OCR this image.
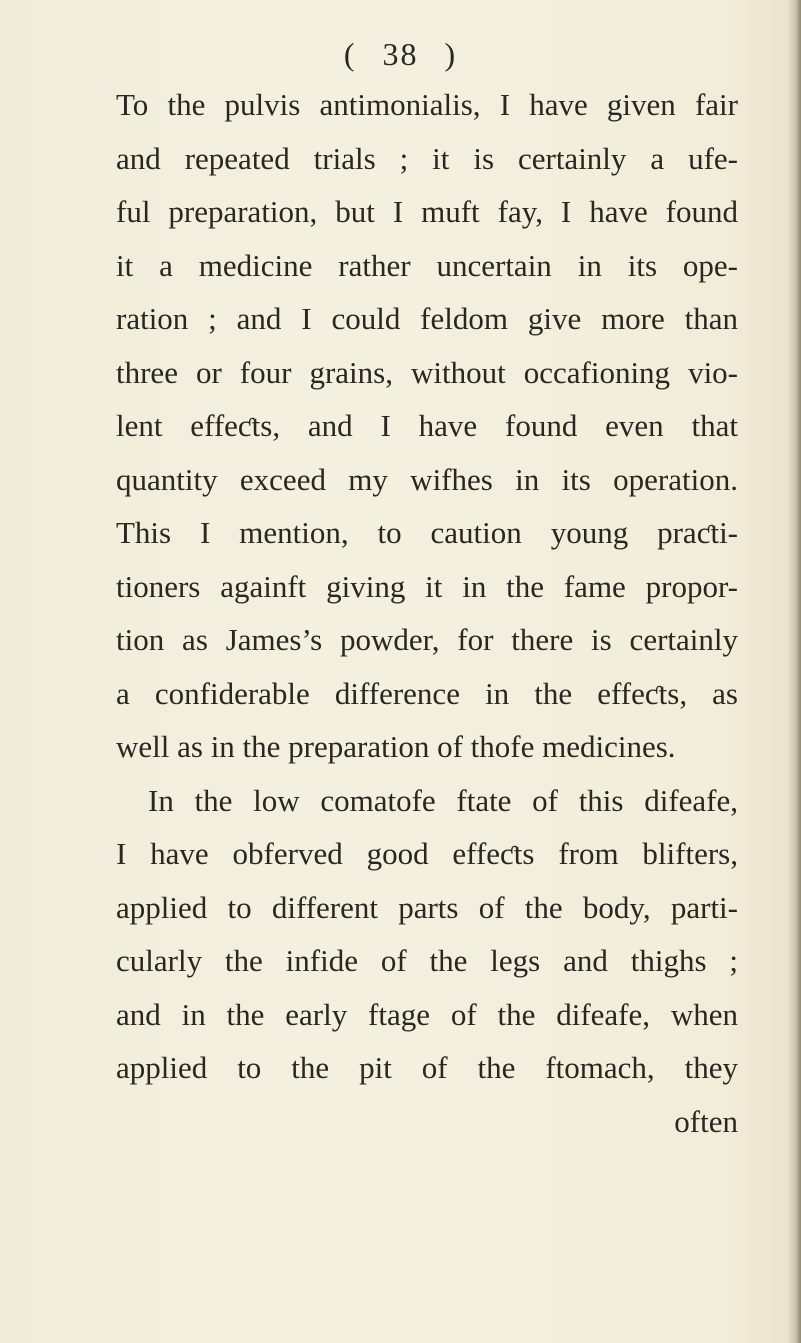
( 38 )
To the pulvis antimonialis, I have given fair
and repeated trials ; it is certainly a ufe-
ful preparation, but I muft fay, I have found
it a medicine rather uncertain in its ope-
ration ; and I could feldom give more than
three or four grains, without occafioning vio-
lent effeƈts, and I have found even that
quantity exceed my wifhes in its operation.
This I mention, to caution young praƈti-
tioners againft giving it in the fame propor-
tion as James’s powder, for there is certainly
a confiderable difference in the effeƈts, as
well as in the preparation of thofe medicines.
In the low comatofe ftate of this difeafe,
I have obferved good effeƈts from blifters,
applied to different parts of the body, parti-
cularly the infide of the legs and thighs ;
and in the early ftage of the difeafe, when
applied to the pit of the ftomach, they
often
